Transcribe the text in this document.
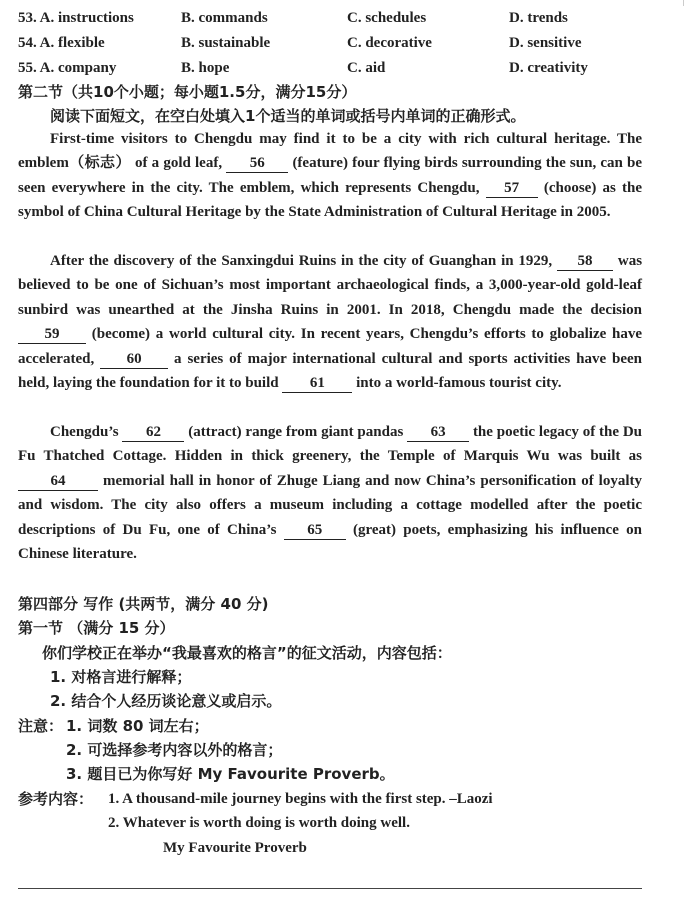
53. A. instructions	B. commands	C. schedules	D. trends
54. A. flexible	B. sustainable	C. decorative	D. sensitive
55. A. company	B. hope	C. aid	D. creativity
第二节（共10个小题；每小题1.5分，满分15分）
阅读下面短文，在空白处填入1个适当的单词或括号内单词的正确形式。
First-time visitors to Chengdu may find it to be a city with rich cultural heritage. The emblem（标志） of a gold leaf, 56 (feature) four flying birds surrounding the sun, can be seen everywhere in the city. The emblem, which represents Chengdu, 57 (choose) as the symbol of China Cultural Heritage by the State Administration of Cultural Heritage in 2005.
After the discovery of the Sanxingdui Ruins in the city of Guanghan in 1929, 58 was believed to be one of Sichuan’s most important archaeological finds, a 3,000-year-old gold-leaf sunbird was unearthed at the Jinsha Ruins in 2001. In 2018, Chengdu made the decision 59 (become) a world cultural city. In recent years, Chengdu’s efforts to globalize have accelerated, 60 a series of major international cultural and sports activities have been held, laying the foundation for it to build 61 into a world-famous tourist city.
Chengdu’s 62 (attract) range from giant pandas 63 the poetic legacy of the Du Fu Thatched Cottage. Hidden in thick greenery, the Temple of Marquis Wu was built as 64 memorial hall in honor of Zhuge Liang and now China’s personification of loyalty and wisdom. The city also offers a museum including a cottage modelled after the poetic descriptions of Du Fu, one of China’s 65 (great) poets, emphasizing his influence on Chinese literature.
第四部分 写作 (共两节，满分 40 分)
第一节 （满分 15 分）
你们学校正在举办“我最喜欢的格言”的征文活动，内容包括：
1. 对格言进行解释；
2. 结合个人经历谈论意义或启示。
注意： 1. 词数 80 词左右；
2. 可选择参考内容以外的格言；
3. 题目已为你写好 My Favourite Proverb。
参考内容： 1. A thousand-mile journey begins with the first step. –Laozi
2. Whatever is worth doing is worth doing well.
My Favourite Proverb
